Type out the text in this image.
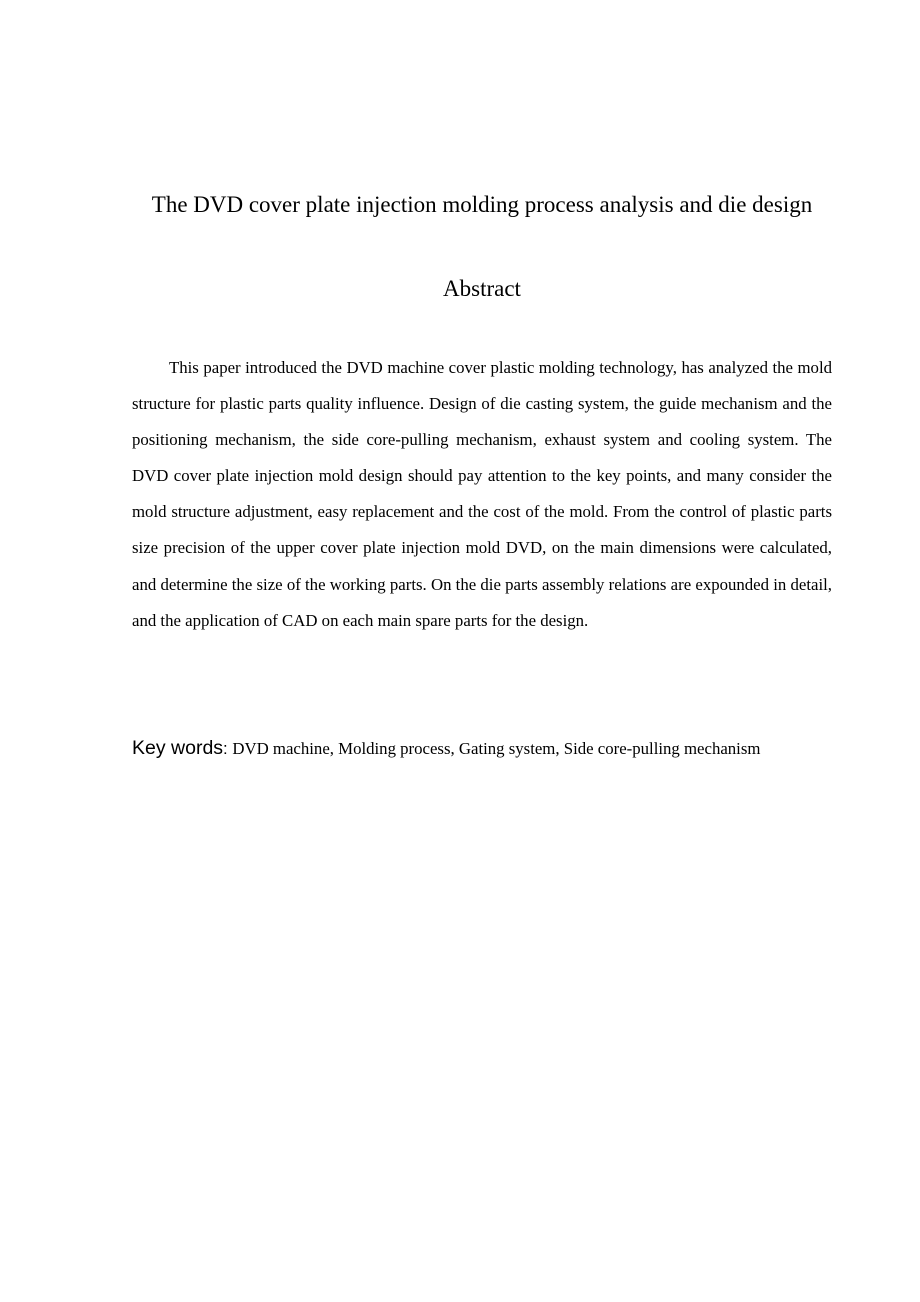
The DVD cover plate injection molding process analysis and die design
Abstract

This paper introduced the DVD machine cover plastic molding technology, has analyzed the mold structure for plastic parts quality influence. Design of die casting system, the guide mechanism and the positioning mechanism, the side core-pulling mechanism, exhaust system and cooling system. The DVD cover plate injection mold design should pay attention to the key points, and many consider the mold structure adjustment, easy replacement and the cost of the mold. From the control of plastic parts size precision of the upper cover plate injection mold DVD, on the main dimensions were calculated, and determine the size of the working parts. On the die parts assembly relations are expounded in detail, and the application of CAD on each main spare parts for the design.

Key words: DVD machine, Molding process, Gating system, Side core-pulling mechanism
